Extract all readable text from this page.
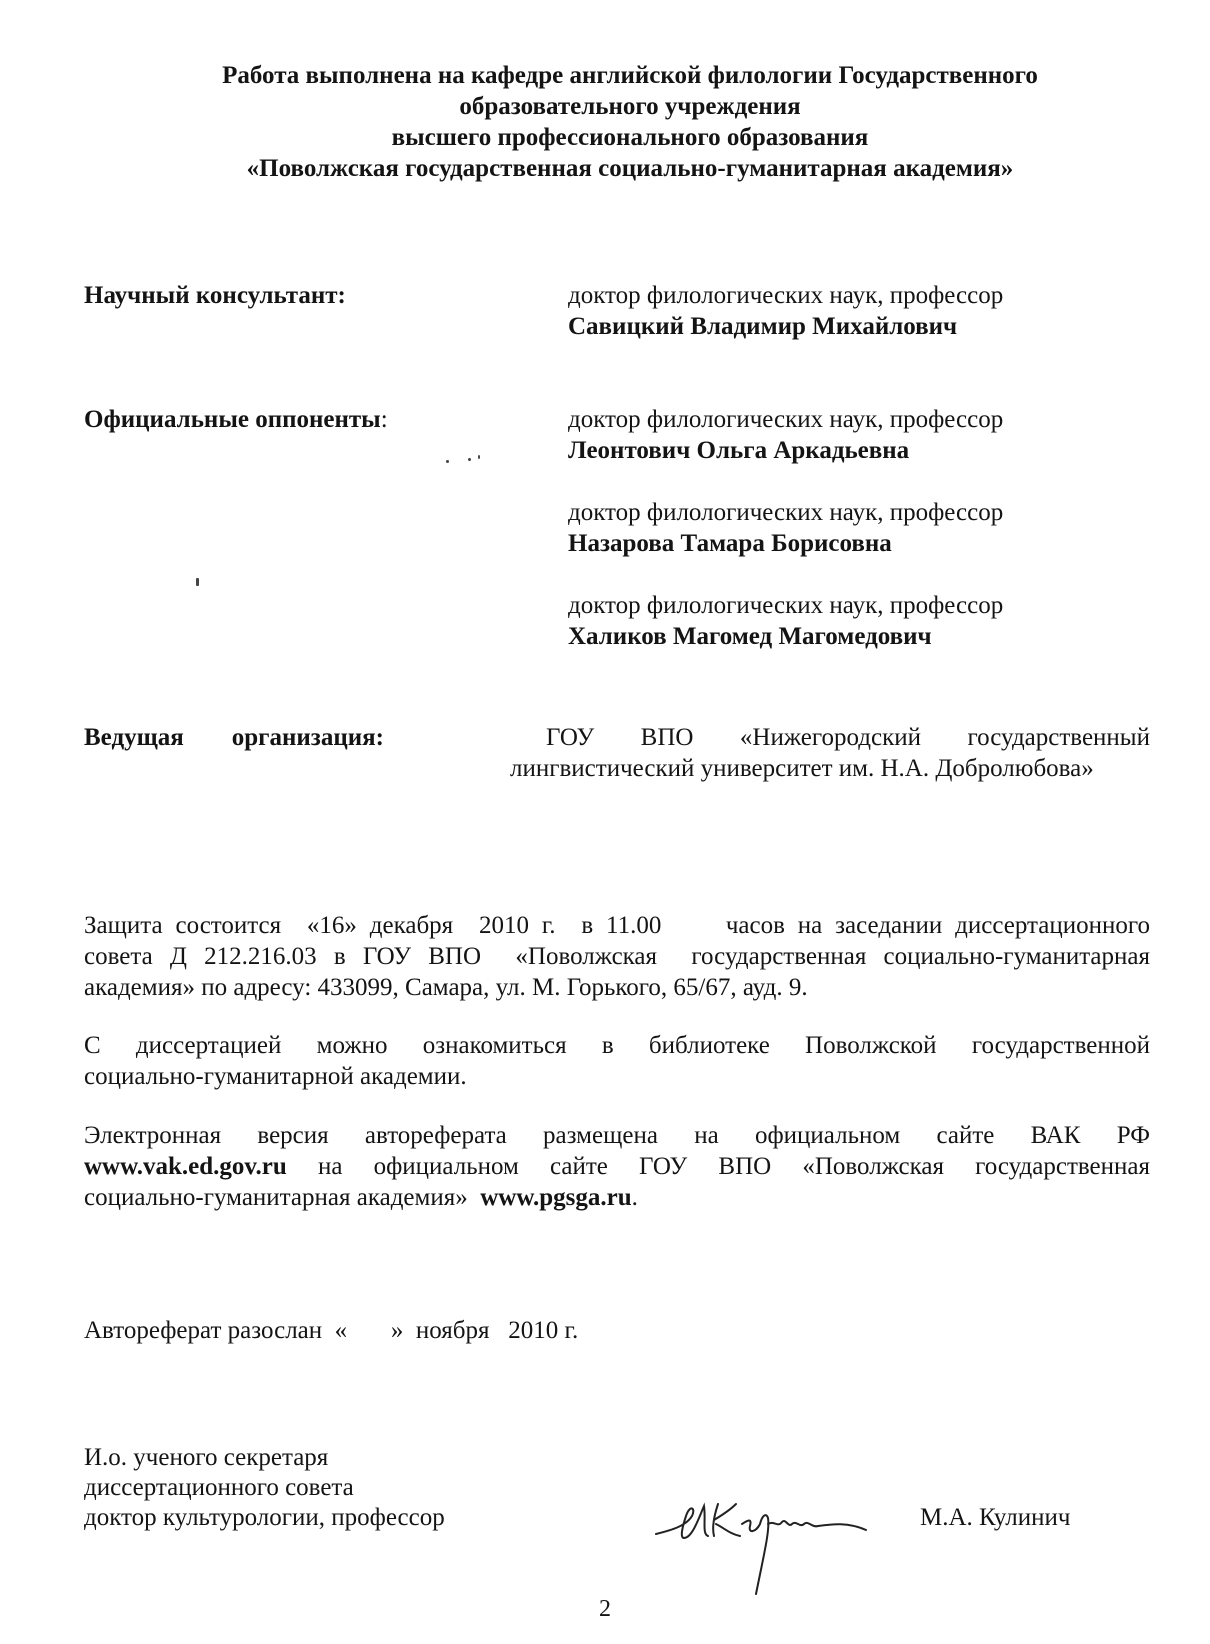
Работа выполнена на кафедре английской филологии Государственного
образовательного учреждения
высшего профессионального образования
«Поволжская государственная социально-гуманитарная академия»
Научный консультант:	доктор филологических наук, профессор
Савицкий Владимир Михайлович
Официальные оппоненты:	доктор филологических наук, профессор
Леонтович Ольга Аркадьевна
доктор филологических наук, профессор
Назарова Тамара Борисовна
доктор филологических наук, профессор
Халиков Магомед Магомедович
Ведущая организация:	ГОУ ВПО «Нижегородский государственный
лингвистический университет им. Н.А. Добролюбова»
Защита состоится  «16» декабря  2010 г.  в 11.00     часов на заседании диссертационного
совета Д 212.216.03 в ГОУ ВПО  «Поволжская  государственная социально-гуманитарная
академия» по адресу: 433099, Самара, ул. М. Горького, 65/67, ауд. 9.
С диссертацией можно ознакомиться в библиотеке Поволжской государственной
социально-гуманитарной академии.
Электронная версия автореферата размещена на официальном сайте ВАК РФ
www.vak.ed.gov.ru на официальном сайте ГОУ ВПО «Поволжская государственная
социально-гуманитарная академия»  www.pgsga.ru.
Автореферат разослан  «       »  ноября   2010 г.
И.о. ученого секретаря
диссертационного совета
доктор культурологии, профессор	М.А. Кулинич
2
